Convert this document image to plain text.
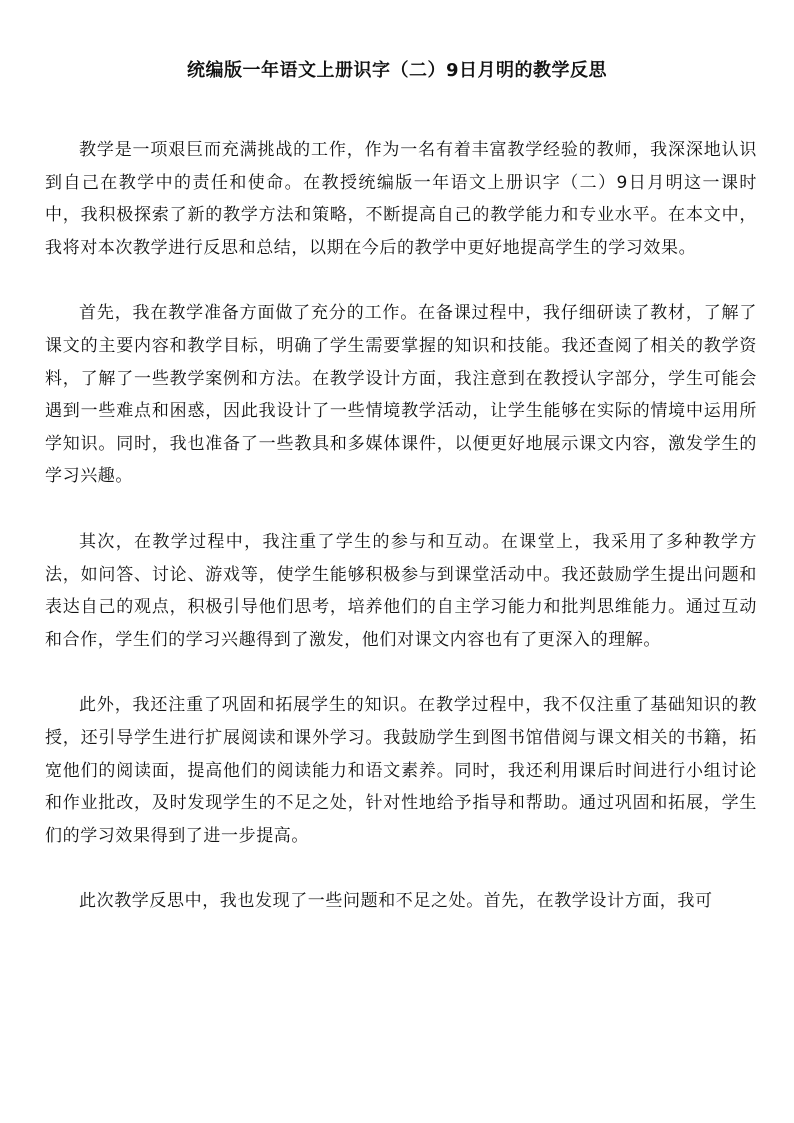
统编版一年语文上册识字（二）9日月明的教学反思

教学是一项艰巨而充满挑战的工作，作为一名有着丰富教学经验的教师，我深深地认识到自己在教学中的责任和使命。在教授统编版一年语文上册识字（二）9日月明这一课时中，我积极探索了新的教学方法和策略，不断提高自己的教学能力和专业水平。在本文中，我将对本次教学进行反思和总结，以期在今后的教学中更好地提高学生的学习效果。

首先，我在教学准备方面做了充分的工作。在备课过程中，我仔细研读了教材，了解了课文的主要内容和教学目标，明确了学生需要掌握的知识和技能。我还查阅了相关的教学资料，了解了一些教学案例和方法。在教学设计方面，我注意到在教授认字部分，学生可能会遇到一些难点和困惑，因此我设计了一些情境教学活动，让学生能够在实际的情境中运用所学知识。同时，我也准备了一些教具和多媒体课件，以便更好地展示课文内容，激发学生的学习兴趣。

其次，在教学过程中，我注重了学生的参与和互动。在课堂上，我采用了多种教学方法，如问答、讨论、游戏等，使学生能够积极参与到课堂活动中。我还鼓励学生提出问题和表达自己的观点，积极引导他们思考，培养他们的自主学习能力和批判思维能力。通过互动和合作，学生们的学习兴趣得到了激发，他们对课文内容也有了更深入的理解。

此外，我还注重了巩固和拓展学生的知识。在教学过程中，我不仅注重了基础知识的教授，还引导学生进行扩展阅读和课外学习。我鼓励学生到图书馆借阅与课文相关的书籍，拓宽他们的阅读面，提高他们的阅读能力和语文素养。同时，我还利用课后时间进行小组讨论和作业批改，及时发现学生的不足之处，针对性地给予指导和帮助。通过巩固和拓展，学生们的学习效果得到了进一步提高。

此次教学反思中，我也发现了一些问题和不足之处。首先，在教学设计方面，我可
